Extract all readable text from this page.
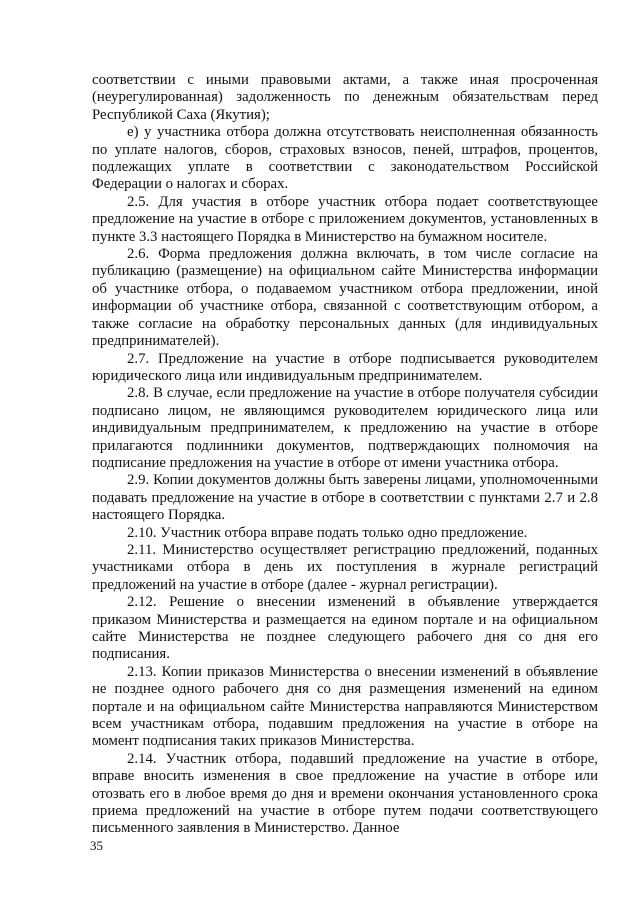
соответствии с иными правовыми актами, а также иная просроченная (неурегулированная) задолженность по денежным обязательствам перед Республикой Саха (Якутия);

е) у участника отбора должна отсутствовать неисполненная обязанность по уплате налогов, сборов, страховых взносов, пеней, штрафов, процентов, подлежащих уплате в соответствии с законодательством Российской Федерации о налогах и сборах.

2.5. Для участия в отборе участник отбора подает соответствующее предложение на участие в отборе с приложением документов, установленных в пункте 3.3 настоящего Порядка в Министерство на бумажном носителе.

2.6. Форма предложения должна включать, в том числе согласие на публикацию (размещение) на официальном сайте Министерства информации об участнике отбора, о подаваемом участником отбора предложении, иной информации об участнике отбора, связанной с соответствующим отбором, а также согласие на обработку персональных данных (для индивидуальных предпринимателей).

2.7. Предложение на участие в отборе подписывается руководителем юридического лица или индивидуальным предпринимателем.

2.8. В случае, если предложение на участие в отборе получателя субсидии подписано лицом, не являющимся руководителем юридического лица или индивидуальным предпринимателем, к предложению на участие в отборе прилагаются подлинники документов, подтверждающих полномочия на подписание предложения на участие в отборе от имени участника отбора.

2.9. Копии документов должны быть заверены лицами, уполномоченными подавать предложение на участие в отборе в соответствии с пунктами 2.7 и 2.8 настоящего Порядка.

2.10. Участник отбора вправе подать только одно предложение.

2.11. Министерство осуществляет регистрацию предложений, поданных участниками отбора в день их поступления в журнале регистраций предложений на участие в отборе (далее - журнал регистрации).

2.12. Решение о внесении изменений в объявление утверждается приказом Министерства и размещается на едином портале и на официальном сайте Министерства не позднее следующего рабочего дня со дня его подписания.

2.13. Копии приказов Министерства о внесении изменений в объявление не позднее одного рабочего дня со дня размещения изменений на едином портале и на официальном сайте Министерства направляются Министерством всем участникам отбора, подавшим предложения на участие в отборе на момент подписания таких приказов Министерства.

2.14. Участник отбора, подавший предложение на участие в отборе, вправе вносить изменения в свое предложение на участие в отборе или отозвать его в любое время до дня и времени окончания установленного срока приема предложений на участие в отборе путем подачи соответствующего письменного заявления в Министерство. Данное

35
